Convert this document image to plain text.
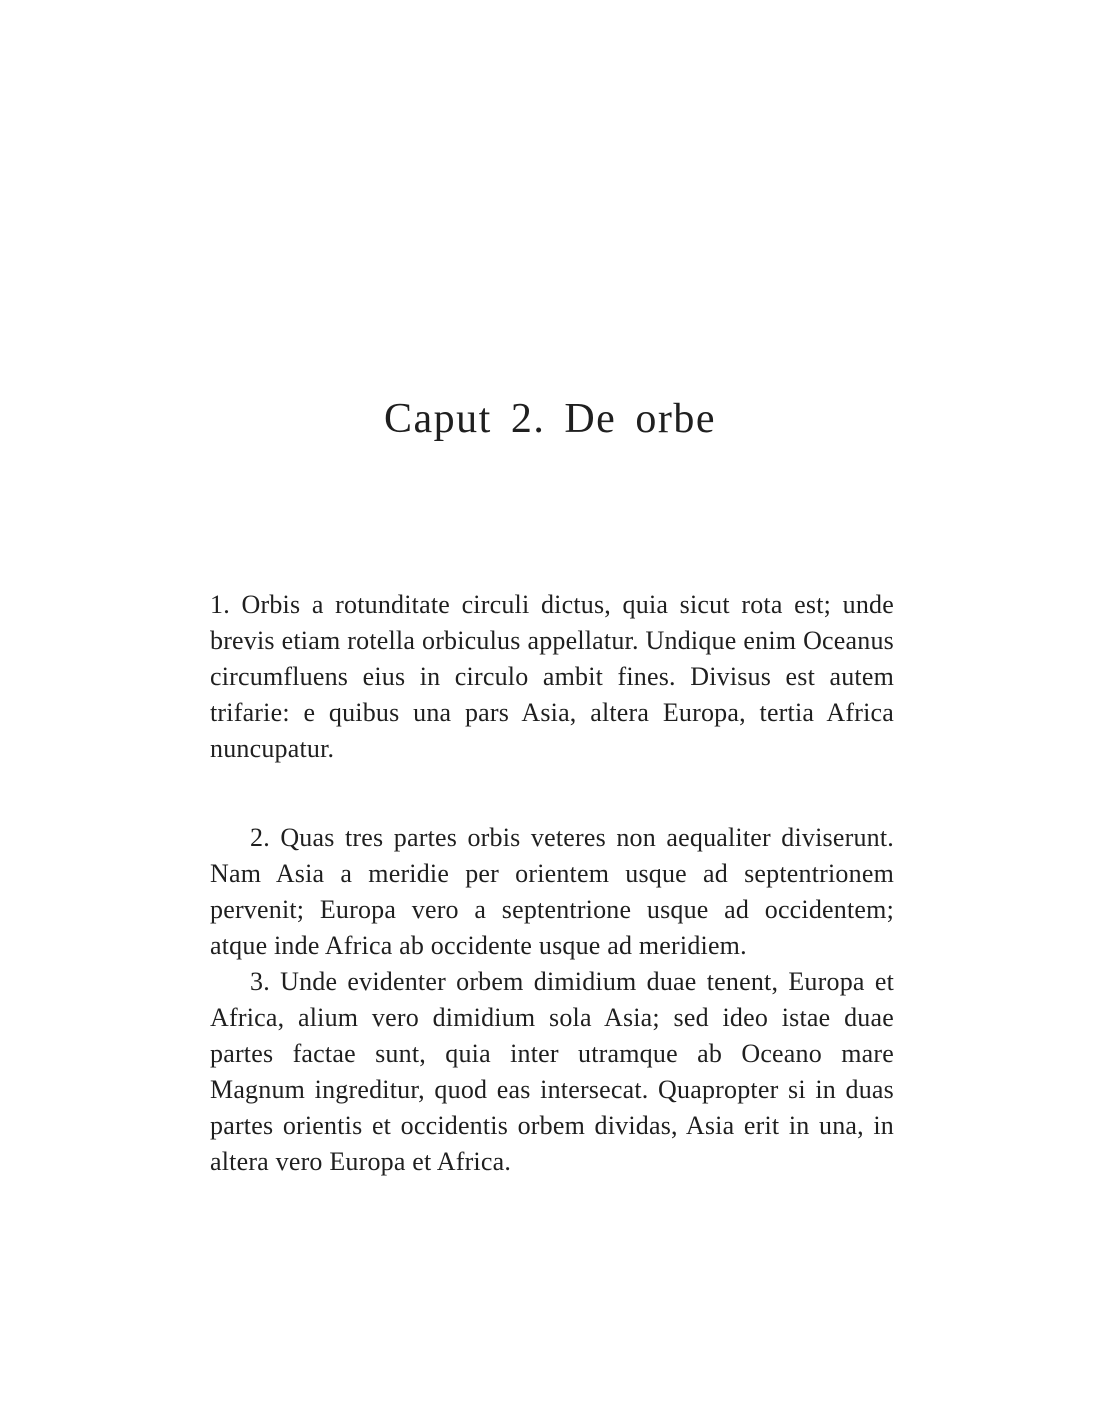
Caput 2. De orbe

1. Orbis a rotunditate circuli dictus, quia sicut rota est; unde brevis etiam rotella orbiculus appellatur. Undique enim Oceanus circumfluens eius in circulo ambit fines. Divisus est autem trifarie: e quibus una pars Asia, altera Europa, tertia Africa nuncupatur.

2. Quas tres partes orbis veteres non aequaliter diviserunt. Nam Asia a meridie per orientem usque ad septentrionem pervenit; Europa vero a septentrione usque ad occidentem; atque inde Africa ab occidente usque ad meridiem.

3. Unde evidenter orbem dimidium duae tenent, Europa et Africa, alium vero dimidium sola Asia; sed ideo istae duae partes factae sunt, quia inter utramque ab Oceano mare Magnum ingreditur, quod eas intersecat. Quapropter si in duas partes orientis et occidentis orbem dividas, Asia erit in una, in altera vero Europa et Africa.
